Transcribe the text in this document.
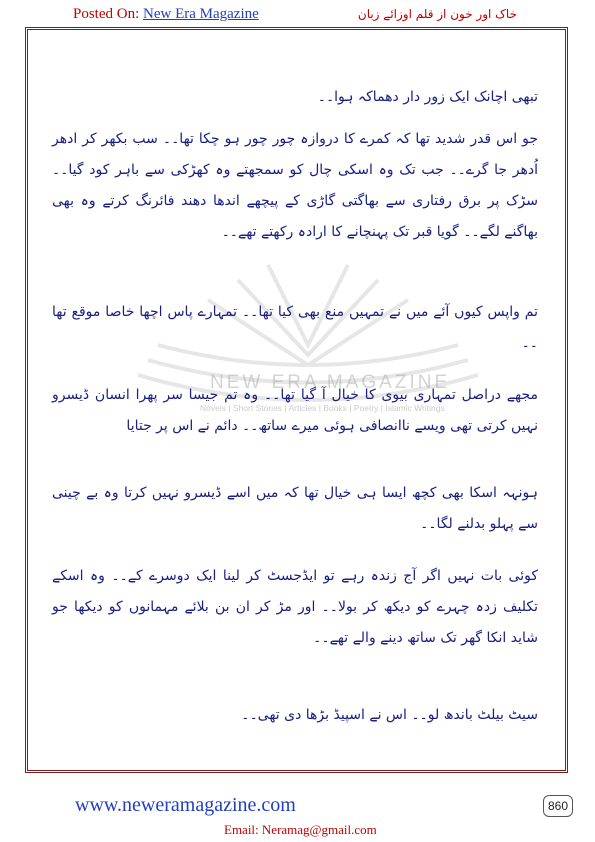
Posted On: New Era Magazine	خاک اور خون از قلم اوزائے زبان
NEW ERA MAGAZINE
Novels | Short Stories | Articles | Books | Poetry | Islamic Writings
تبھی اچانک ایک زور دار دھماکہ ہوا۔۔
جو اس قدر شدید تھا کہ کمرے کا دروازہ چور چور ہو چکا تھا۔۔ سب بکھر کر ادھر اُدھر جا گرے۔۔ جب تک وہ اسکی چال کو سمجھتے وہ کھڑکی سے باہر کود گیا۔۔ سڑک پر برق رفتاری سے بھاگتی گاڑی کے پیچھے اندھا دھند فائرنگ کرتے وہ بھی بھاگنے لگے۔۔ گویا قبر تک پہنچانے کا ارادہ رکھتے تھے۔۔
تم واپس کیوں آئے میں نے تمہیں منع بھی کیا تھا۔۔ تمہارے پاس اچھا خاصا موقع تھا ۔۔
مجھے دراصل تمہاری بیوی کا خیال آ گیا تھا۔۔ وہ تم جیسا سر پھرا انسان ڈیسرو نہیں کرتی تھی ویسے ناانصافی ہوئی میرے ساتھ۔۔ دائم نے اس پر جتایا
ہونہہ اسکا بھی کچھ ایسا ہی خیال تھا کہ میں اسے ڈیسرو نہیں کرتا وہ بے چینی سے پہلو بدلنے لگا۔۔
کوئی بات نہیں اگر آج زندہ رہے تو ایڈجسٹ کر لینا ایک دوسرے کے۔۔ وہ اسکے تکلیف زدہ چہرے کو دیکھ کر بولا۔۔ اور مڑ کر ان بن بلائے مہمانوں کو دیکھا جو شاید انکا گھر تک ساتھ دینے والے تھے۔۔
سیٹ بیلٹ باندھ لو۔۔ اس نے اسپیڈ بڑھا دی تھی۔۔
www.neweramagazine.com	860
Email: Neramag@gmail.com
